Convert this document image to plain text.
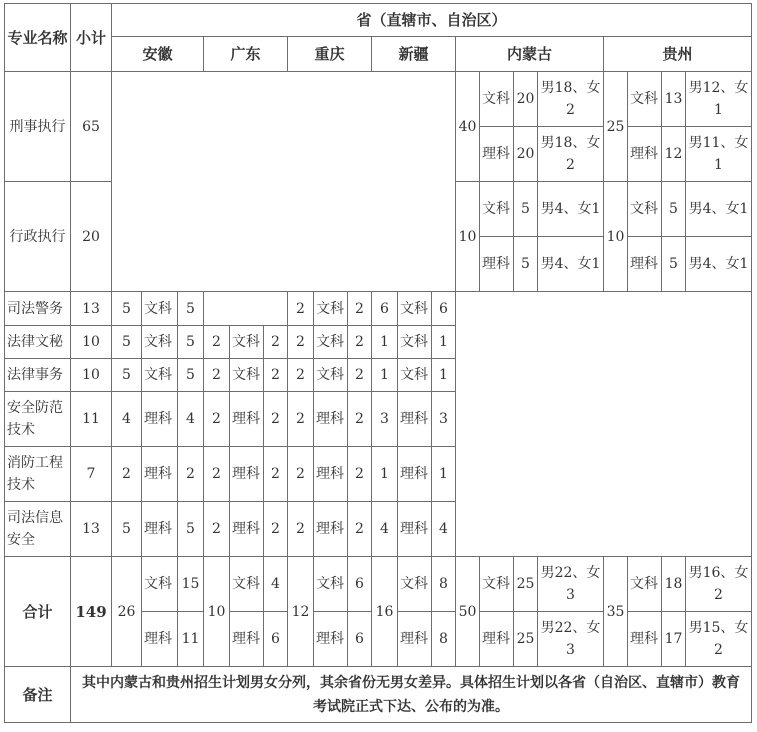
专业名称	小计	省（直辖市、自治区）																			
		安徽			广东			重庆			新疆			内蒙古				贵州			
刑事执行	65													40	文科	20	男18、女2	25	文科	13	男12、女1
															理科	20	男18、女2		理科	12	男11、女1
行政执行	20													10	文科	5	男4、女1	10	文科	5	男4、女1
															理科	5	男4、女1		理科	5	男4、女1
司法警务	13	5	文科	5				2	文科	2	6	文科	6								
法律文秘	10	5	文科	5	2	文科	2	2	文科	2	1	文科	1								
法律事务	10	5	文科	5	2	文科	2	2	文科	2	1	文科	1								
安全防范技术	11	4	理科	4	2	理科	2	2	理科	2	3	理科	3								
消防工程技术	7	2	理科	2	2	理科	2	2	理科	2	1	理科	1								
司法信息安全	13	5	理科	5	2	理科	2	2	理科	2	4	理科	4								
合计	149	26	文科	15	10	文科	4	12	文科	6	16	文科	8	50	文科	25	男22、女3	35	文科	18	男16、女2
			理科	11		理科	6		理科	6		理科	8		理科	25	男22、女3		理科	17	男15、女2
备注	其中内蒙古和贵州招生计划男女分列，其余省份无男女差异。具体招生计划以各省（自治区、直辖市）教育考试院正式下达、公布的为准。																				
